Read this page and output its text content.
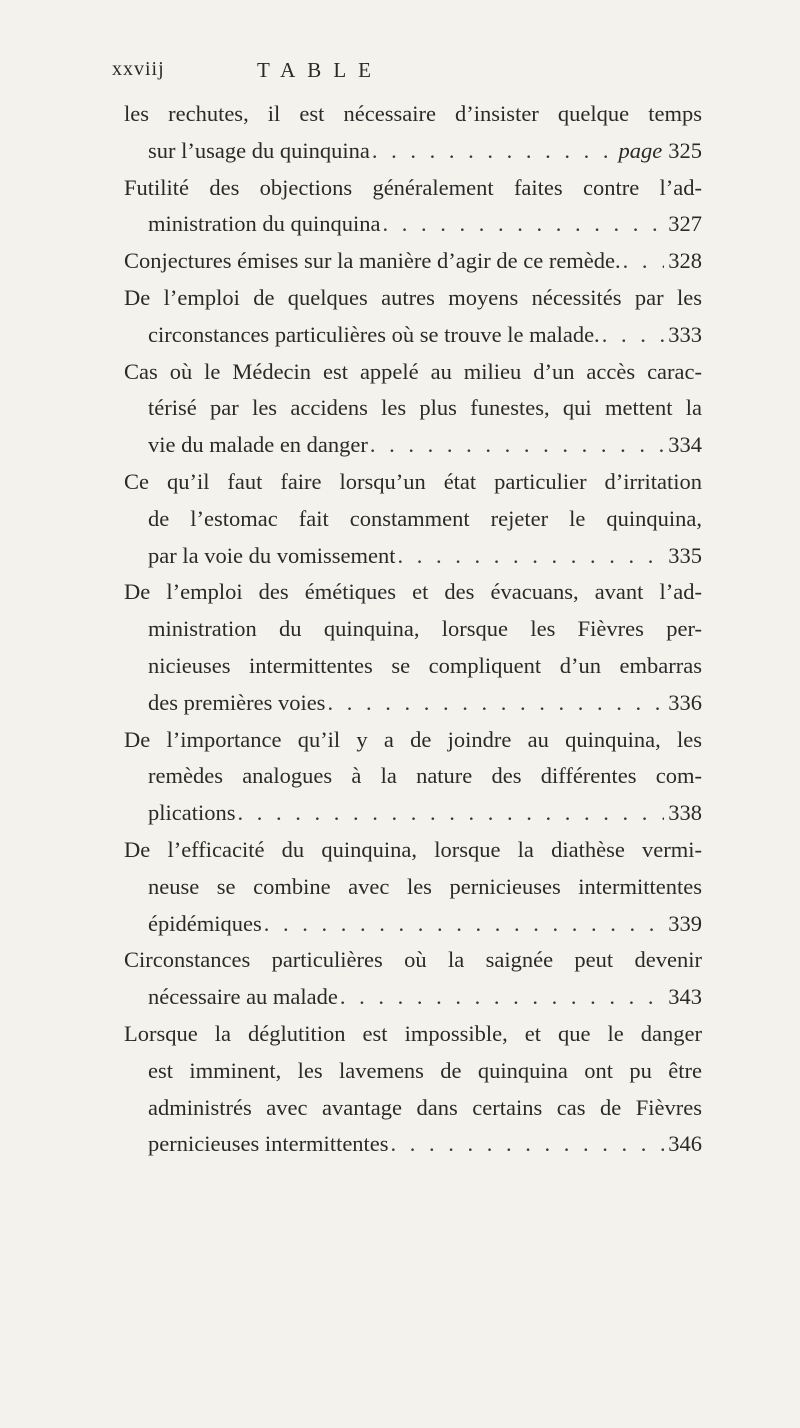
xxviij	TABLE
les rechutes, il est nécessaire d’insister quelque temps
sur l’usage du quinquina . . .	page 325
Futilité des objections généralement faites contre l’ad-
ministration du quinquina . . .	327
Conjectures émises sur la manière d’agir de ce remède. . . . 328
De l’emploi de quelques autres moyens nécessités par les
circonstances particulières où se trouve le malade. . . .	333
Cas où le Médecin est appelé au milieu d’un accès carac-
térisé par les accidens les plus funestes, qui mettent la
vie du malade en danger . . .	334
Ce qu’il faut faire lorsqu’un état particulier d’irritation
de l’estomac fait constamment rejeter le quinquina,
par la voie du vomissement . . .	335
De l’emploi des émétiques et des évacuans, avant l’ad-
ministration du quinquina, lorsque les Fièvres per-
nicieuses intermittentes se compliquent d’un embarras
des premières voies . . .	336
De l’importance qu’il y a de joindre au quinquina, les
remèdes analogues à la nature des différentes com-
plications . . .	338
De l’efficacité du quinquina, lorsque la diathèse vermi-
neuse se combine avec les pernicieuses intermittentes
épidémiques . . .	339
Circonstances particulières où la saignée peut devenir
nécessaire au malade . . .	343
Lorsque la déglutition est impossible, et que le danger
est imminent, les lavemens de quinquina ont pu être
administrés avec avantage dans certains cas de Fièvres
pernicieuses intermittentes . . .	346
